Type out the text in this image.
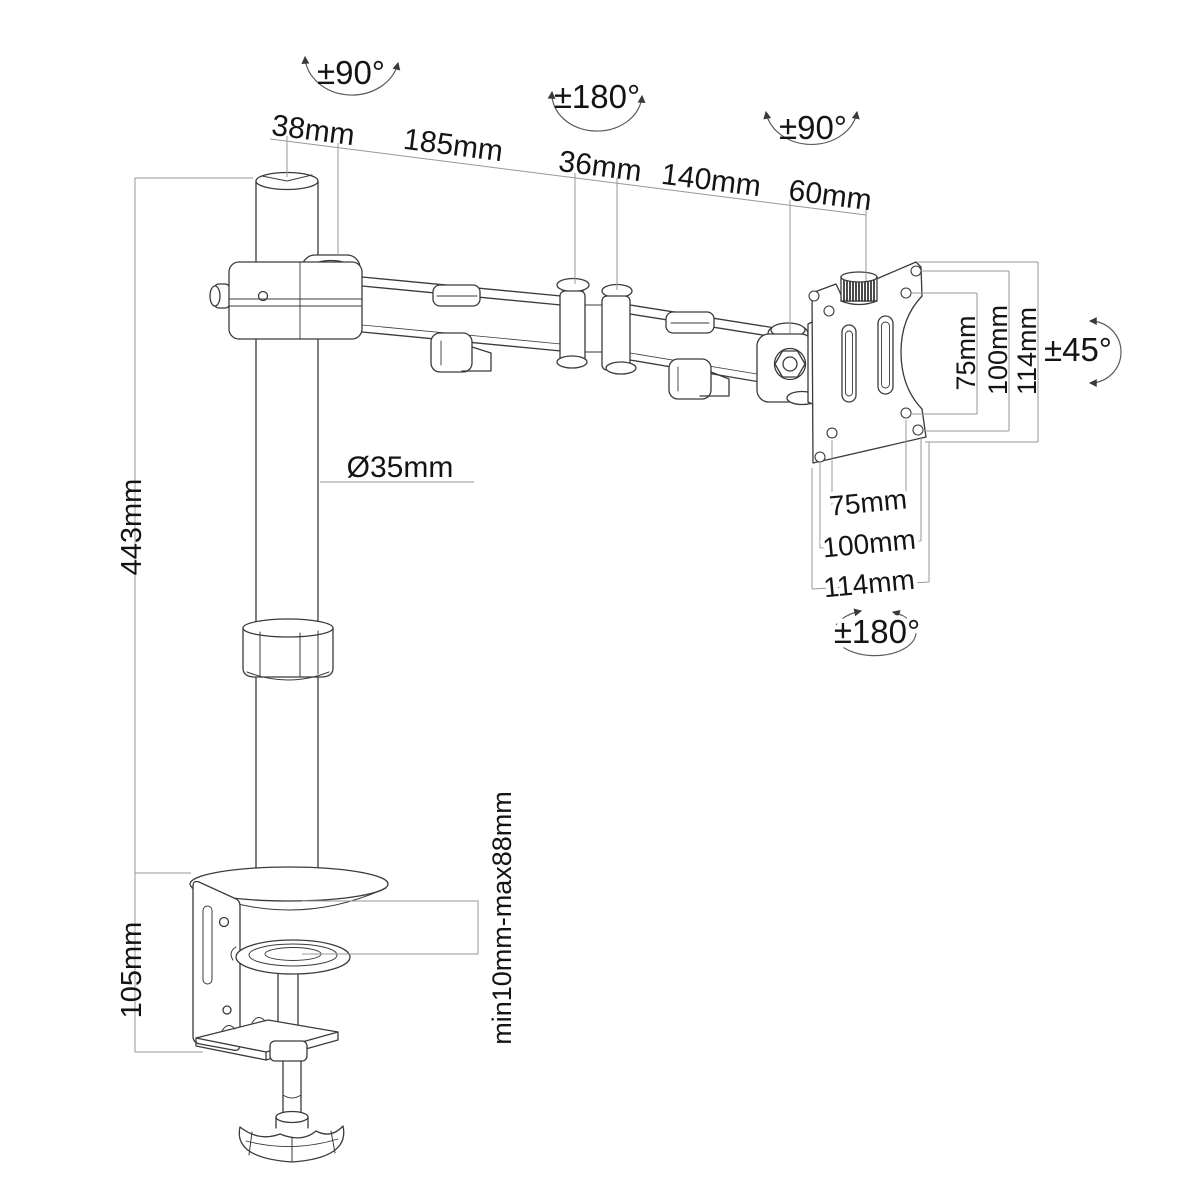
38mm 185mm 36mm 140mm 60mm
±90°
±180°
±90°
±45°
±180°
443mm
105mm
Ø35mm
min10mm-max88mm
75mm 100mm 114mm
75mm
100mm
114mm
